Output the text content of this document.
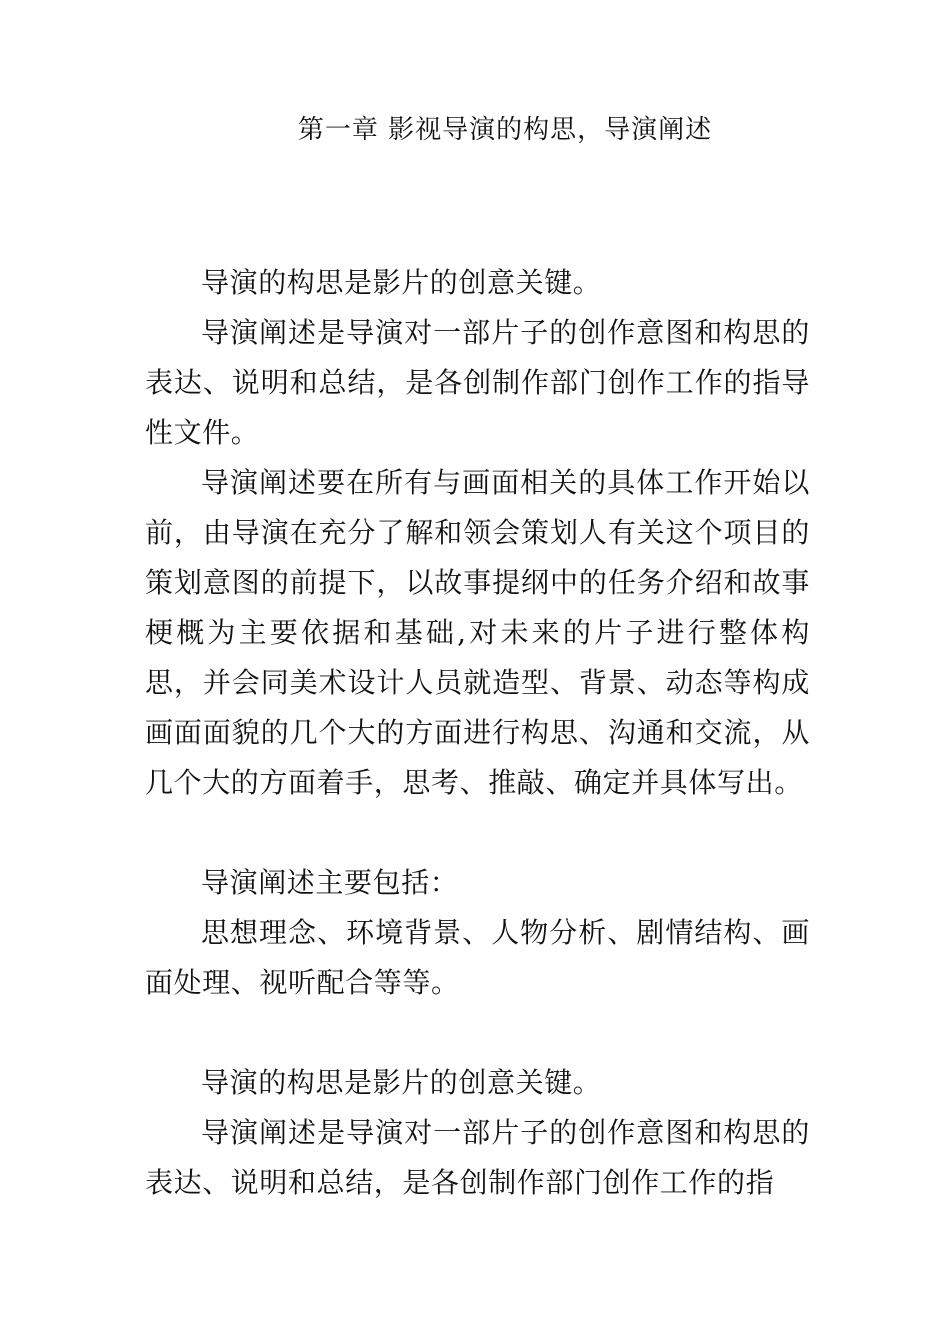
第一章 影视导演的构思，导演阐述

导演的构思是影片的创意关键。

导演阐述是导演对一部片子的创作意图和构思的表达、说明和总结，是各创制作部门创作工作的指导性文件。

导演阐述要在所有与画面相关的具体工作开始以前，由导演在充分了解和领会策划人有关这个项目的策划意图的前提下，以故事提纲中的任务介绍和故事梗概为主要依据和基础,对未来的片子进行整体构思，并会同美术设计人员就造型、背景、动态等构成画面面貌的几个大的方面进行构思、沟通和交流，从几个大的方面着手，思考、推敲、确定并具体写出。

导演阐述主要包括：

思想理念、环境背景、人物分析、剧情结构、画面处理、视听配合等等。

导演的构思是影片的创意关键。

导演阐述是导演对一部片子的创作意图和构思的表达、说明和总结，是各创制作部门创作工作的指
